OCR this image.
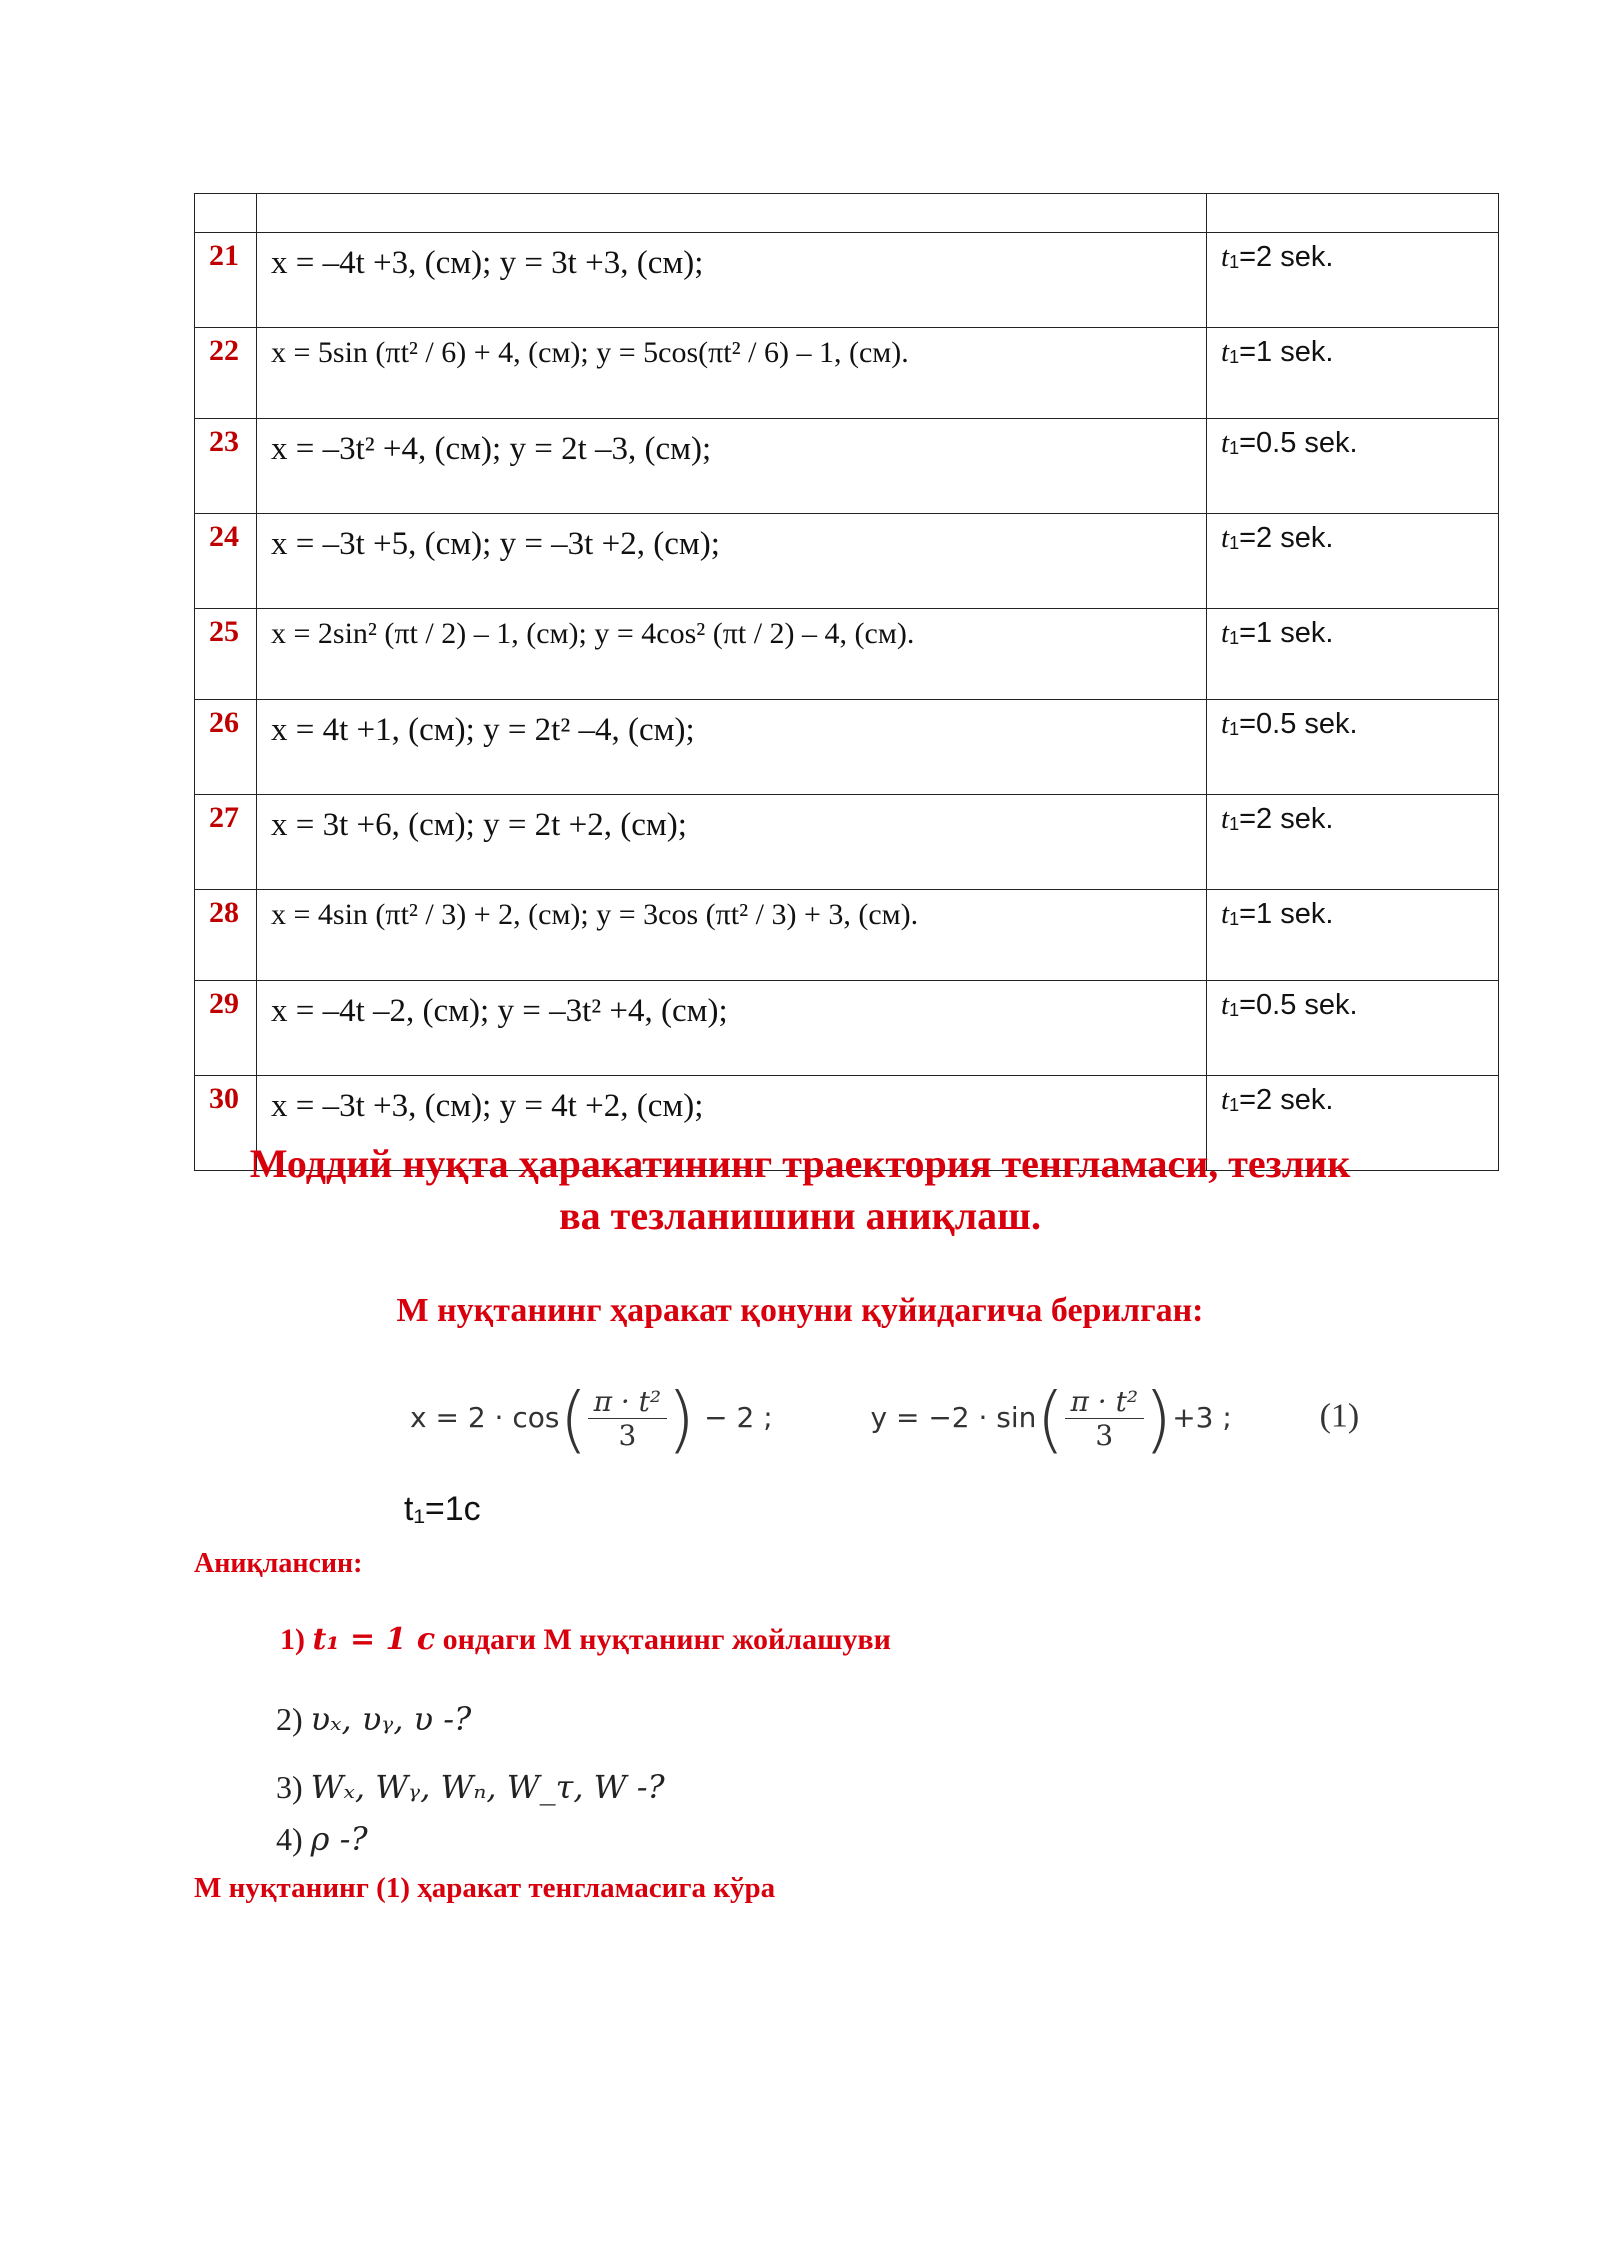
21	x = –4t +3, (см); y = 3t +3, (см);	t1=2 sek.
22	x = 5sin (πt² / 6) + 4, (см); y = 5cos(πt² / 6) – 1, (см).	t1=1 sek.
23	x = –3t² +4, (см); y = 2t –3, (см);	t1=0.5 sek.
24	x = –3t +5, (см); y = –3t +2, (см);	t1=2 sek.
25	x = 2sin² (πt / 2) – 1, (см); y = 4cos² (πt / 2) – 4, (см).	t1=1 sek.
26	x = 4t +1, (см); y = 2t² –4, (см);	t1=0.5 sek.
27	x = 3t +6, (см); y = 2t +2, (см);	t1=2 sek.
28	x = 4sin (πt² / 3) + 2, (см); y = 3cos (πt² / 3) + 3, (см).	t1=1 sek.
29	x = –4t –2, (см); y = –3t² +4, (см);	t1=0.5 sek.
30	x = –3t +3, (см); y = 4t +2, (см);	t1=2 sek.
Моддий нуқта ҳаракатининг траектория тенгламаси, тезлик
ва тезланишини аниқлаш.
М нуқтанинг ҳаракат қонуни қуйидагича берилган:
$x = 2 \cdot \cos( \frac{\text{π · t²}}{3}$ ) − 2 ;	$y = -2 \cdot \sin( \frac{\text{π · t²}}{3} )+3$ ;	(1)
t₁=1с
Аниқлансин:
1) t₁ = 1 c ондаги М нуқтанинг жойлашуви
2) υₓ, υᵧ, υ -?
3) Wₓ, Wᵧ, Wₙ, W_τ, W -?
4) ρ -?
М нуқтанинг (1) ҳаракат тенгламасига кўра
